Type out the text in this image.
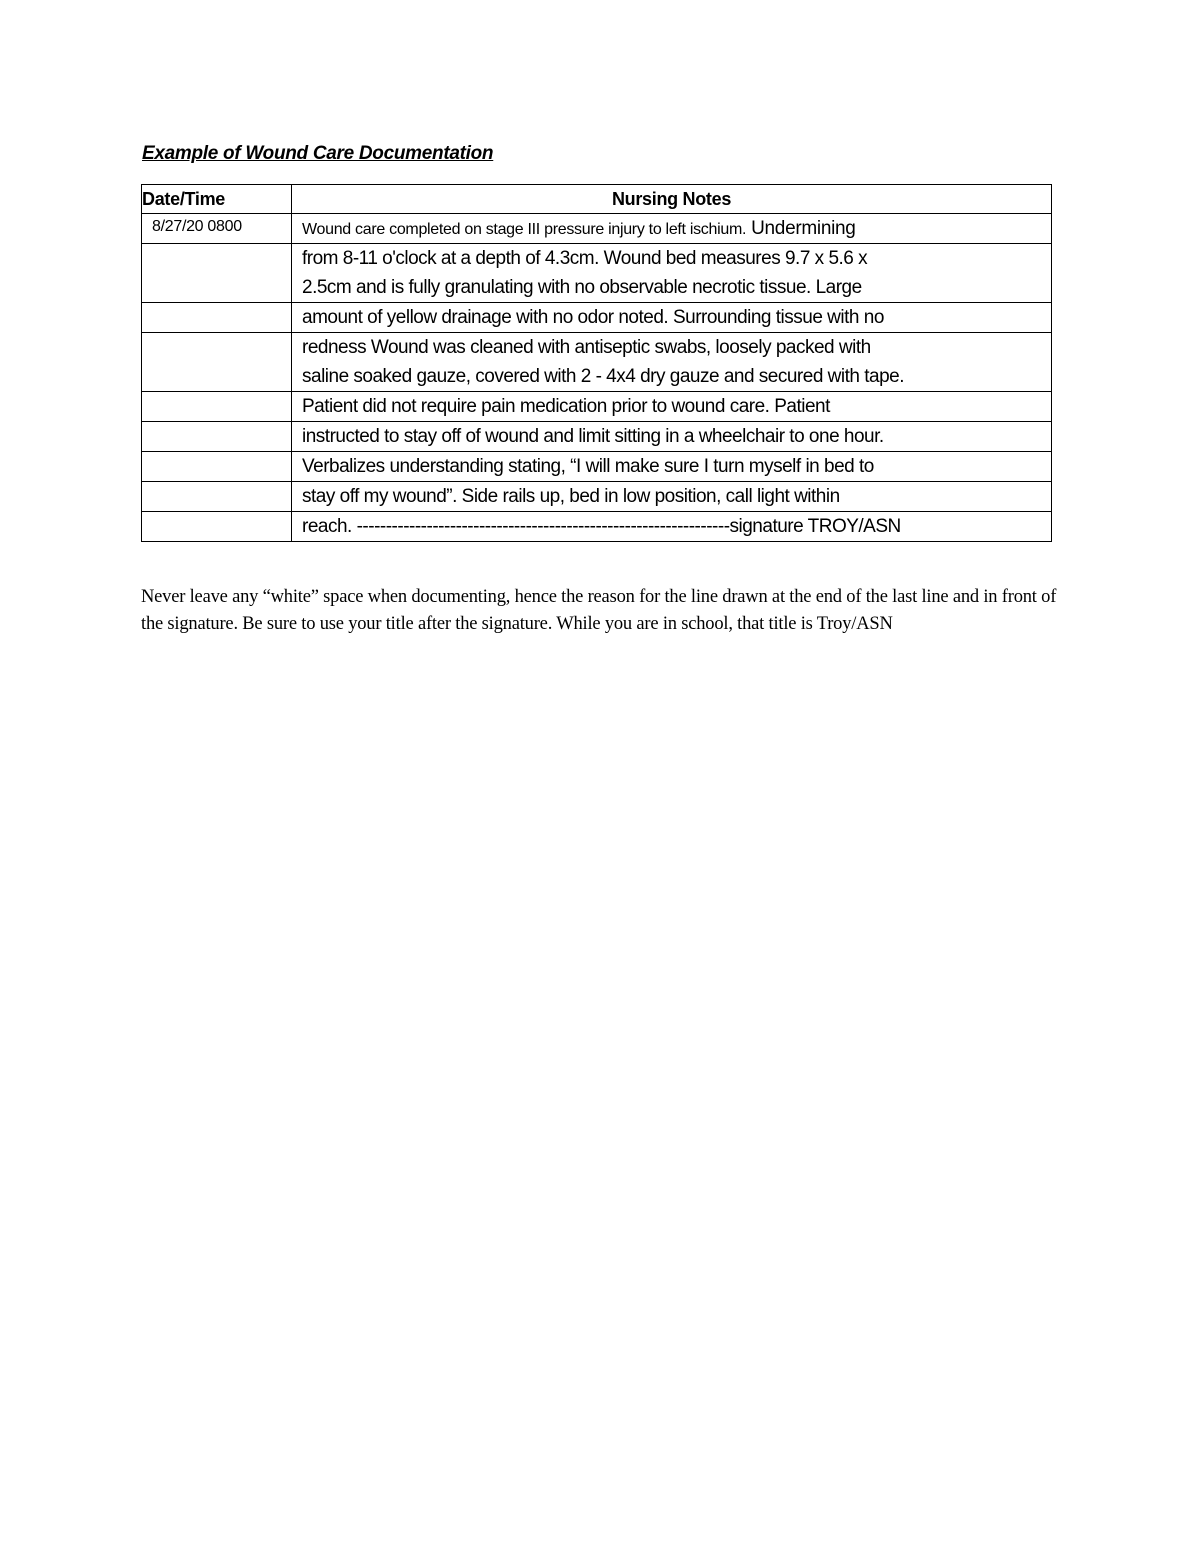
Example of Wound Care Documentation
Date/Time	Nursing Notes
8/27/20 0800	Wound care completed on stage III pressure injury to left ischium. Undermining

	from 8-11 o'clock at a depth of 4.3cm. Wound bed measures 9.7 x 5.6 x
2.5cm and is fully granulating with no observable necrotic tissue. Large

	amount of yellow drainage with no odor noted. Surrounding tissue with no

	redness Wound was cleaned with antiseptic swabs, loosely packed with
saline soaked gauze, covered with 2 - 4x4 dry gauze and secured with tape.

	Patient did not require pain medication prior to wound care. Patient

	instructed to stay off of wound and limit sitting in a wheelchair to one hour.

	Verbalizes understanding stating, “I will make sure I turn myself in bed to

	stay off my wound”. Side rails up, bed in low position, call light within

	reach. ----------------------------------------------------------------signature TROY/ASN
Never leave any “white” space when documenting, hence the reason for the line drawn at the end of the last line and in front of the signature. Be sure to use your title after the signature. While you are in school, that title is Troy/ASN
